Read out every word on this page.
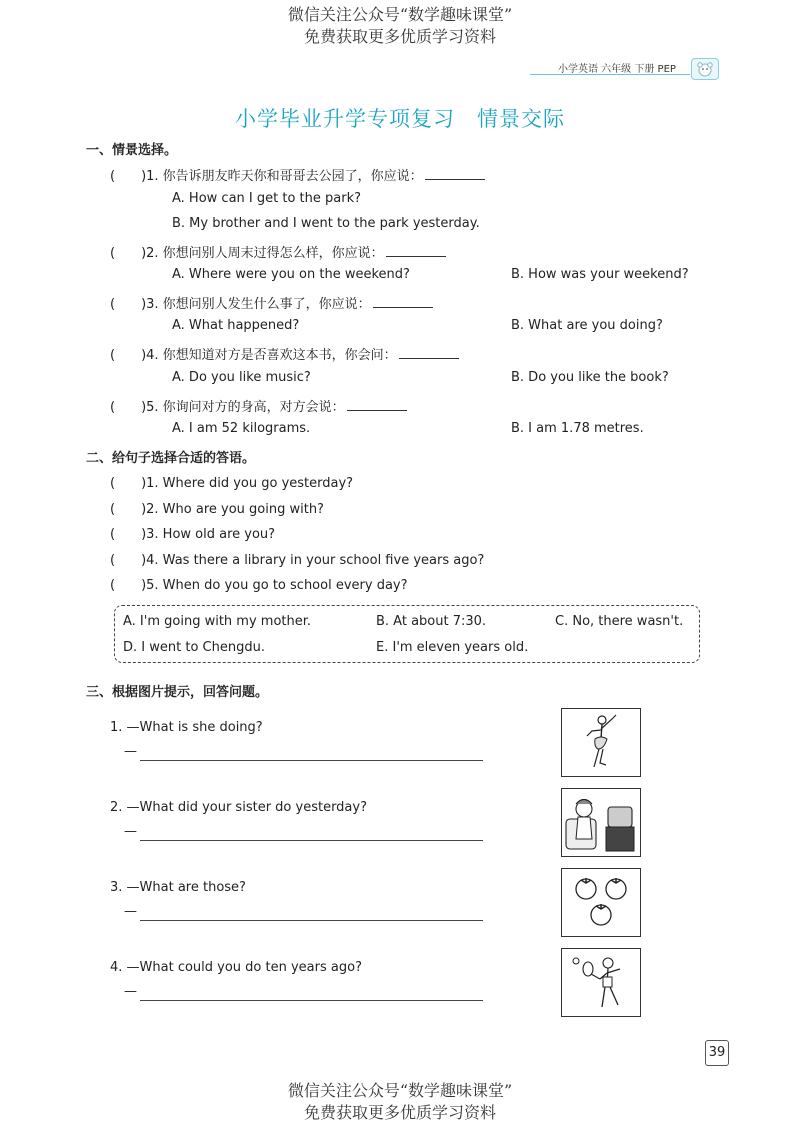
微信关注公众号“数学趣味课堂”
免费获取更多优质学习资料
小学英语 六年级 下册 PEP
小学毕业升学专项复习　情景交际
一、情景选择。
(　　)1. 你告诉朋友昨天你和哥哥去公园了，你应说：
A. How can I get to the park?
B. My brother and I went to the park yesterday.
(　　)2. 你想问别人周末过得怎么样，你应说：
A. Where were you on the weekend?	B. How was your weekend?
(　　)3. 你想问别人发生什么事了，你应说：
A. What happened?	B. What are you doing?
(　　)4. 你想知道对方是否喜欢这本书，你会问：
A. Do you like music?	B. Do you like the book?
(　　)5. 你询问对方的身高，对方会说：
A. I am 52 kilograms.	B. I am 1.78 metres.
二、给句子选择合适的答语。
(　　)1. Where did you go yesterday?
(　　)2. Who are you going with?
(　　)3. How old are you?
(　　)4. Was there a library in your school five years ago?
(　　)5. When do you go to school every day?
A. I'm going with my mother.	B. At about 7:30.	C. No, there wasn't.
D. I went to Chengdu.	E. I'm eleven years old.
三、根据图片提示，回答问题。
1. —What is she doing?
—
2. —What did your sister do yesterday?
—
3. —What are those?
—
4. —What could you do ten years ago?
—
39
微信关注公众号“数学趣味课堂”
免费获取更多优质学习资料
